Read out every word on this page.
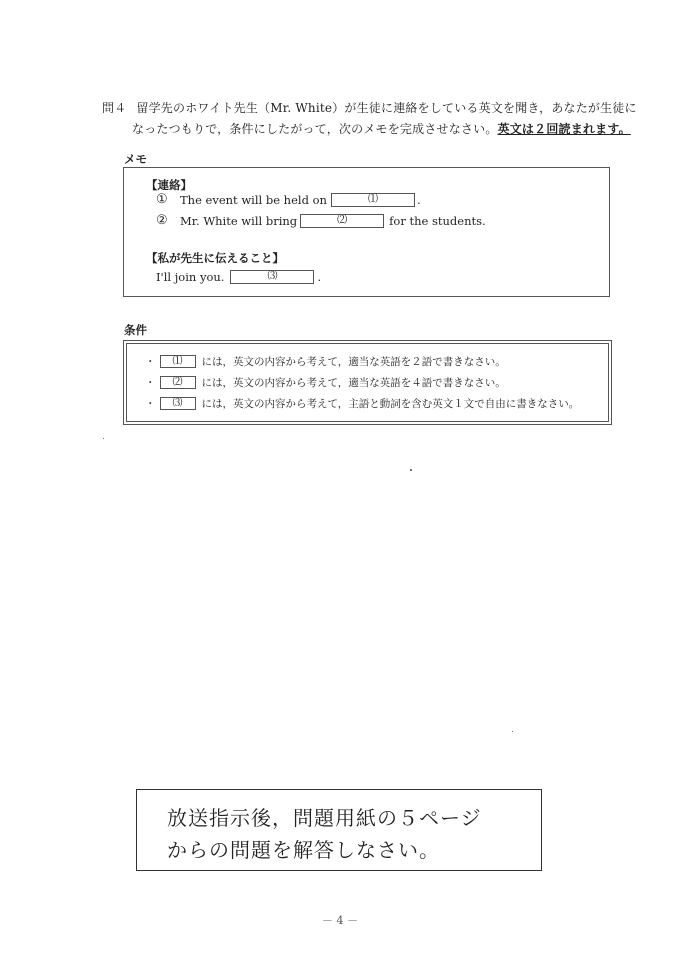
問４ 留学先のホワイト先生（Mr. White）が生徒に連絡をしている英文を聞き，あなたが生徒に
なったつもりで，条件にしたがって，次のメモを完成させなさい。英文は２回読まれます。
メモ
【連絡】
①	The event will be held on	⑴	.
②	Mr. White will bring	⑵	for the students.
【私が先生に伝えること】
I'll join you.	⑶	.
条件
・	⑴	には，英文の内容から考えて，適当な英語を２語で書きなさい。
・	⑵	には，英文の内容から考えて，適当な英語を４語で書きなさい。
・	⑶	には，英文の内容から考えて，主語と動詞を含む英文１文で自由に書きなさい。
放送指示後，問題用紙の５ページ
からの問題を解答しなさい。
－ 4 －
